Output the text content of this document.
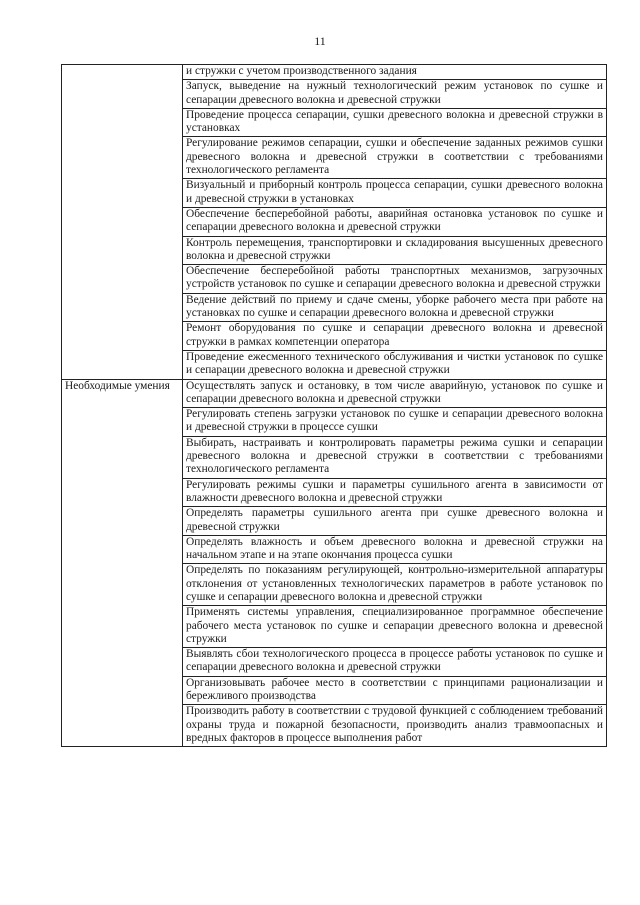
11
	и стружки с учетом производственного задания
	Запуск, выведение на нужный технологический режим установок по сушке и сепарации древесного волокна и древесной стружки
	Проведение процесса сепарации, сушки древесного волокна и древесной стружки в установках
	Регулирование режимов сепарации, сушки и обеспечение заданных режимов сушки древесного волокна и древесной стружки в соответствии с требованиями технологического регламента
	Визуальный и приборный контроль процесса сепарации, сушки древесного волокна и древесной стружки в установках
	Обеспечение бесперебойной работы, аварийная остановка установок по сушке и сепарации древесного волокна и древесной стружки
	Контроль перемещения, транспортировки и складирования высушенных древесного волокна и древесной стружки
	Обеспечение бесперебойной работы транспортных механизмов, загрузочных устройств установок по сушке и сепарации древесного волокна и древесной стружки
	Ведение действий по приему и сдаче смены, уборке рабочего места при работе на установках по сушке и сепарации древесного волокна и древесной стружки
	Ремонт оборудования по сушке и сепарации древесного волокна и древесной стружки в рамках компетенции оператора
	Проведение ежесменного технического обслуживания и чистки установок по сушке и сепарации древесного волокна и древесной стружки
Необходимые умения	Осуществлять запуск и остановку, в том числе аварийную, установок по сушке и сепарации древесного волокна и древесной стружки
	Регулировать степень загрузки установок по сушке и сепарации древесного волокна и древесной стружки в процессе сушки
	Выбирать, настраивать и контролировать параметры режима сушки и сепарации древесного волокна и древесной стружки в соответствии с требованиями технологического регламента
	Регулировать режимы сушки и параметры сушильного агента в зависимости от влажности древесного волокна и древесной стружки
	Определять параметры сушильного агента при сушке древесного волокна и древесной стружки
	Определять влажность и объем древесного волокна и древесной стружки на начальном этапе и на этапе окончания процесса сушки
	Определять по показаниям регулирующей, контрольно-измерительной аппаратуры отклонения от установленных технологических параметров в работе установок по сушке и сепарации древесного волокна и древесной стружки
	Применять системы управления, специализированное программное обеспечение рабочего места установок по сушке и сепарации древесного волокна и древесной стружки
	Выявлять сбои технологического процесса в процессе работы установок по сушке и сепарации древесного волокна и древесной стружки
	Организовывать рабочее место в соответствии с принципами рационализации и бережливого производства
	Производить работу в соответствии с трудовой функцией с соблюдением требований охраны труда и пожарной безопасности, производить анализ травмоопасных и вредных факторов в процессе выполнения работ
